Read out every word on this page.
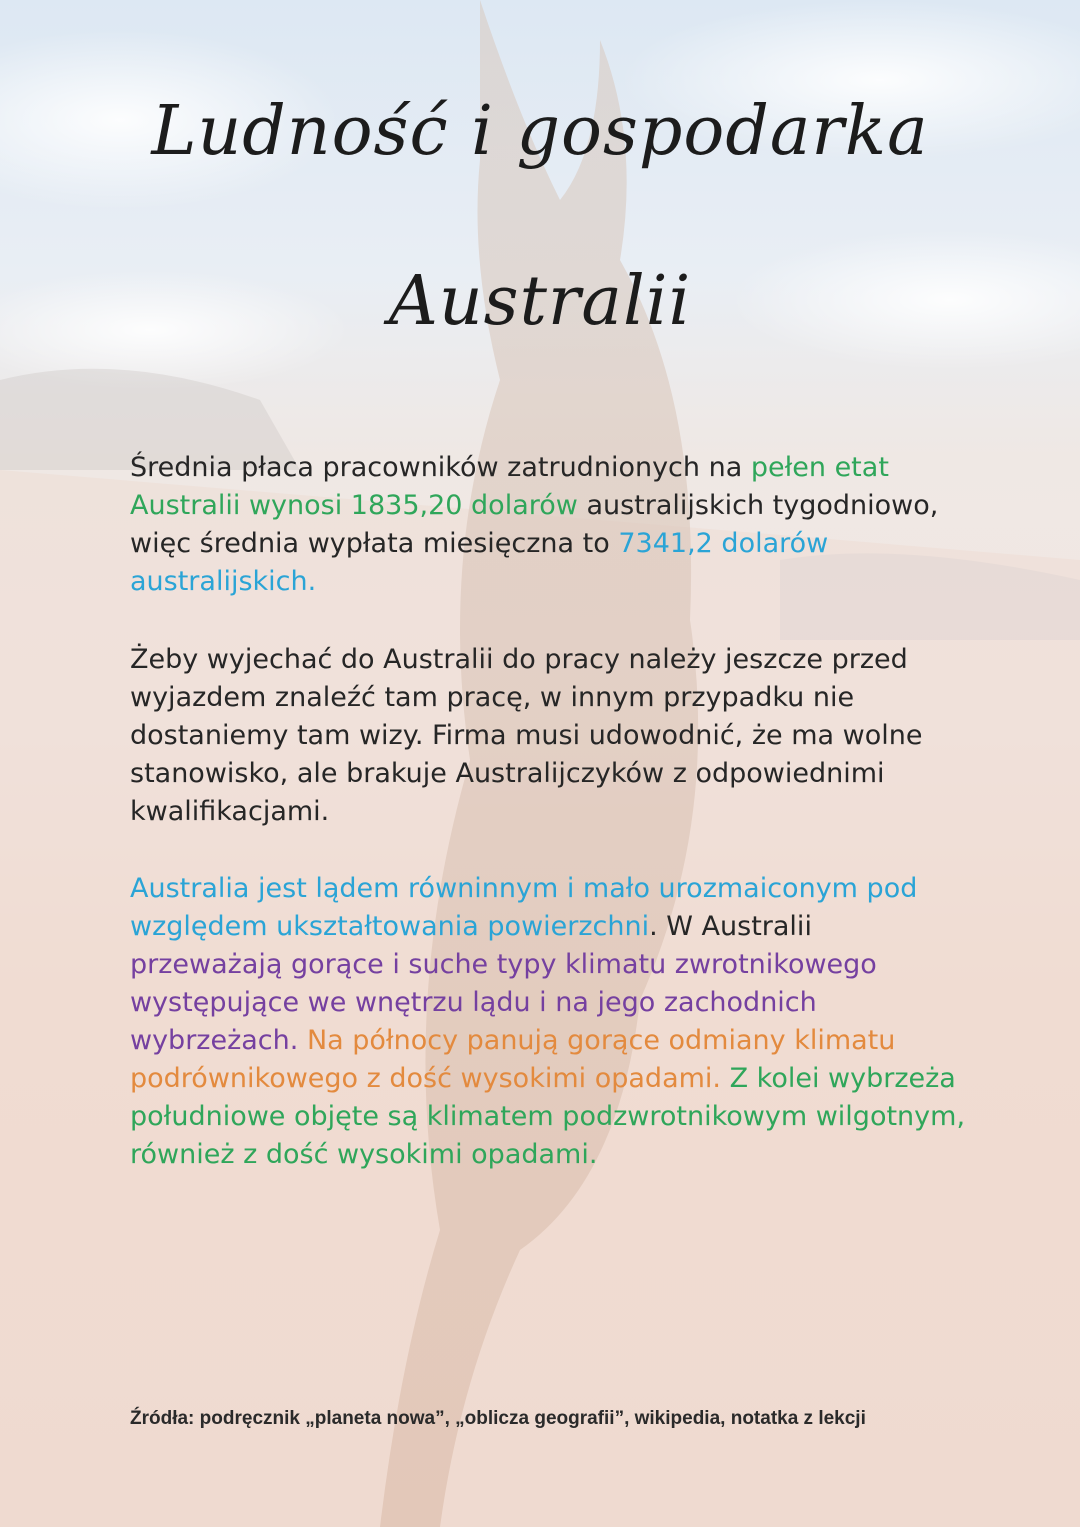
Ludność i gospodarka
Australii

Średnia płaca pracowników zatrudnionych na pełen etat Australii wynosi 1835,20 dolarów australijskich tygodniowo, więc średnia wypłata miesięczna to 7341,2 dolarów australijskich.

Żeby wyjechać do Australii do pracy należy jeszcze przed wyjazdem znaleźć tam pracę, w innym przypadku nie dostaniemy tam wizy. Firma musi udowodnić, że ma wolne stanowisko, ale brakuje Australijczyków z odpowiednimi kwalifikacjami.

Australia jest lądem równinnym i mało urozmaiconym pod względem ukształtowania powierzchni. W Australii przeważają gorące i suche typy klimatu zwrotnikowego występujące we wnętrzu lądu i na jego zachodnich wybrzeżach. Na północy panują gorące odmiany klimatu podrównikowego z dość wysokimi opadami. Z kolei wybrzeża południowe objęte są klimatem podzwrotnikowym wilgotnym, również z dość wysokimi opadami.

Źródła: podręcznik „planeta nowa”, „oblicza geografii”, wikipedia, notatka z lekcji
